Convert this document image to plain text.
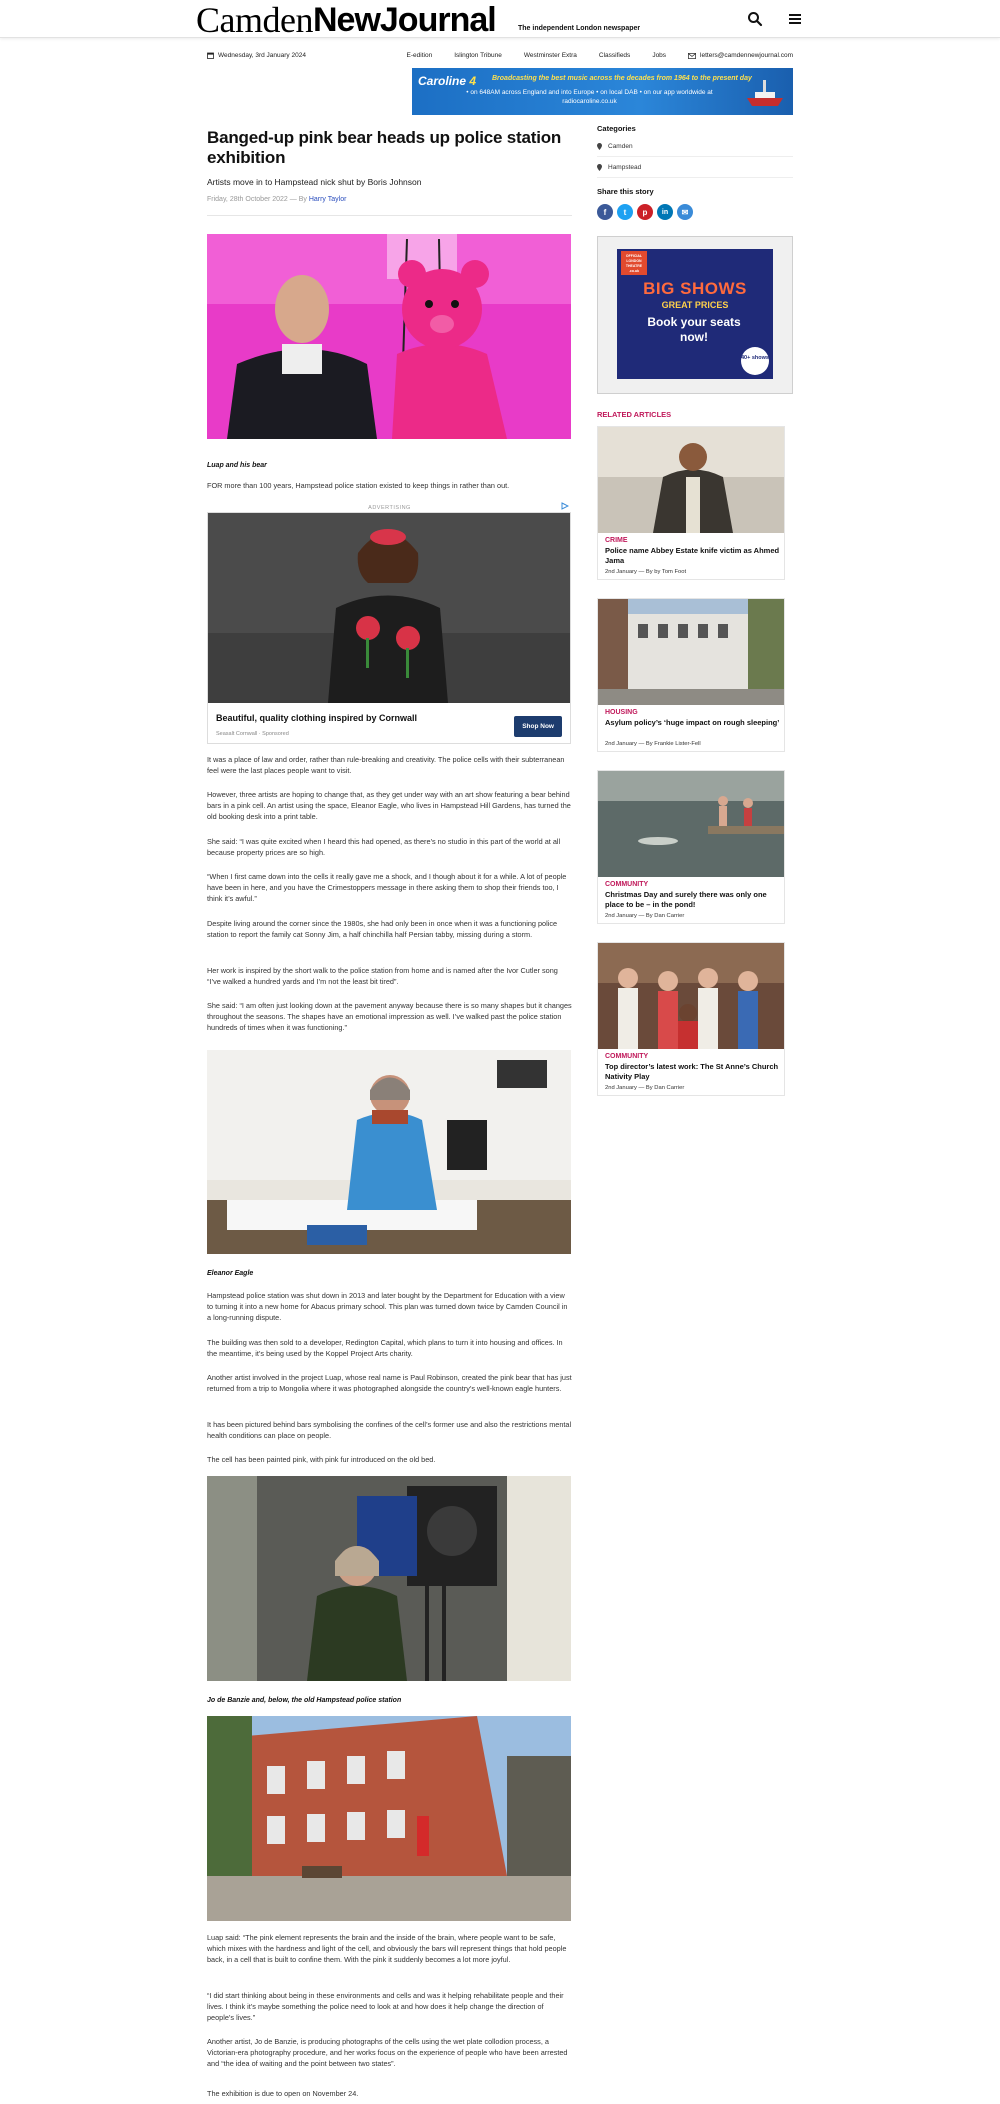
Camden NewJournal	The independent London newspaper
Wednesday, 3rd January 2024	E-edition	Islington Tribune	Westminster Extra	Classifieds	Jobs	letters@camdennewjournal.com
Caroline 4	Broadcasting the best music across the decades from 1964 to the present day
• on 648AM across England and into Europe • on local DAB • on our app worldwide at radiocaroline.co.uk
Banged-up pink bear heads up police station exhibition

Artists move in to Hampstead nick shut by Boris Johnson

Friday, 28th October 2022 — By Harry Taylor

Luap and his bear

FOR more than 100 years, Hampstead police station existed to keep things in rather than out.

ADVERTISING
Beautiful, quality clothing inspired by Cornwall
Seasalt Cornwall · Sponsored
Shop Now

It was a place of law and order, rather than rule-breaking and creativity. The police cells with their subterranean feel were the last places people want to visit.

However, three artists are hoping to change that, as they get under way with an art show featuring a bear behind bars in a pink cell. An artist using the space, Eleanor Eagle, who lives in Hampstead Hill Gardens, has turned the old booking desk into a print table.

She said: “I was quite excited when I heard this had opened, as there’s no studio in this part of the world at all because property prices are so high.

“When I first came down into the cells it really gave me a shock, and I though about it for a while. A lot of people have been in here, and you have the Crimestoppers message in there asking them to shop their friends too, I think it’s awful.”

Despite living around the corner since the 1980s, she had only been in once when it was a functioning police station to report the family cat Sonny Jim, a half chinchilla half Persian tabby, missing during a storm.

Her work is inspired by the short walk to the police station from home and is named after the Ivor Cutler song “I’ve walked a hundred yards and I’m not the least bit tired”.

She said: “I am often just looking down at the pavement anyway because there is so many shapes but it changes throughout the seasons. The shapes have an emotional impression as well. I’ve walked past the police station hundreds of times when it was functioning.”

Eleanor Eagle

Hampstead police station was shut down in 2013 and later bought by the Department for Education with a view to turning it into a new home for Abacus primary school. This plan was turned down twice by Camden Council in a long-running dispute.

The building was then sold to a developer, Redington Capital, which plans to turn it into housing and offices. In the meantime, it’s being used by the Koppel Project Arts charity.

Another artist involved in the project Luap, whose real name is Paul Robinson, created the pink bear that has just returned from a trip to Mongolia where it was photographed alongside the country’s well-known eagle hunters.

It has been pictured behind bars symbolising the confines of the cell’s former use and also the restrictions mental health conditions can place on people.

The cell has been painted pink, with pink fur introduced on the old bed.

Jo de Banzie and, below, the old Hampstead police station

Luap said: “The pink element represents the brain and the inside of the brain, where people want to be safe, which mixes with the hardness and light of the cell, and obviously the bars will represent things that hold people back, in a cell that is built to confine them. With the pink it suddenly becomes a lot more joyful.

“I did start thinking about being in these environments and cells and was it helping rehabilitate people and their lives. I think it’s maybe something the police need to look at and how does it help change the direction of people’s lives.”

Another artist, Jo de Banzie, is producing photographs of the cells using the wet plate collodion process, a Victorian-era photography procedure, and her works focus on the experience of people who have been arrested and “the idea of waiting and the point between two states”.

The exhibition is due to open on November 24.

Categories
Camden
Hampstead
Share this story
f	t	p	in	✉
OFFICIAL LONDON THEATRE .co.uk
BIG SHOWS
GREAT PRICES
Book your seats now!
40+ shows
RELATED ARTICLES
CRIME
Police name Abbey Estate knife victim as Ahmed Jama
2nd January — By by Tom Foot
HOUSING
Asylum policy’s ‘huge impact on rough sleeping’
2nd January — By Frankie Lister-Fell
COMMUNITY
Christmas Day and surely there was only one place to be – in the pond!
2nd January — By Dan Carrier
COMMUNITY
Top director’s latest work: The St Anne’s Church Nativity Play
2nd January — By Dan Carrier
